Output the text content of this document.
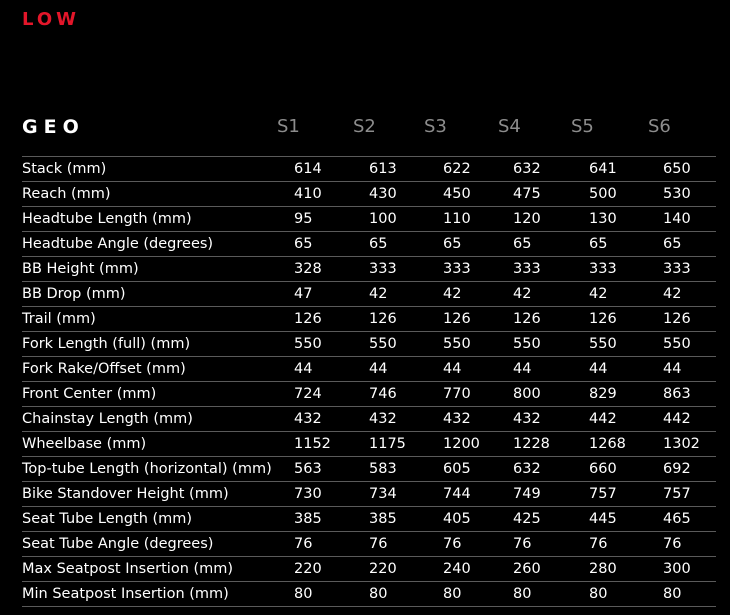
LOW
GEO	S1	S2	S3	S4	S5	S6
Stack (mm)	614	613	622	632	641	650
Reach (mm)	410	430	450	475	500	530
Headtube Length (mm)	95	100	110	120	130	140
Headtube Angle (degrees)	65	65	65	65	65	65
BB Height (mm)	328	333	333	333	333	333
BB Drop (mm)	47	42	42	42	42	42
Trail (mm)	126	126	126	126	126	126
Fork Length (full) (mm)	550	550	550	550	550	550
Fork Rake/Offset (mm)	44	44	44	44	44	44
Front Center (mm)	724	746	770	800	829	863
Chainstay Length (mm)	432	432	432	432	442	442
Wheelbase (mm)	1152	1175	1200 1228	1268	1302
Top-tube Length (horizontal) (mm) 563	583	605	632	660	692
Bike Standover Height (mm)	730	734	744	749	757	757
Seat Tube Length (mm)	385	385	405	425	445	465
Seat Tube Angle (degrees)	76	76	76	76	76	76
Max Seatpost Insertion (mm)	220	220	240	260	280	300
Min Seatpost Insertion (mm)	80	80	80	80	80	80
